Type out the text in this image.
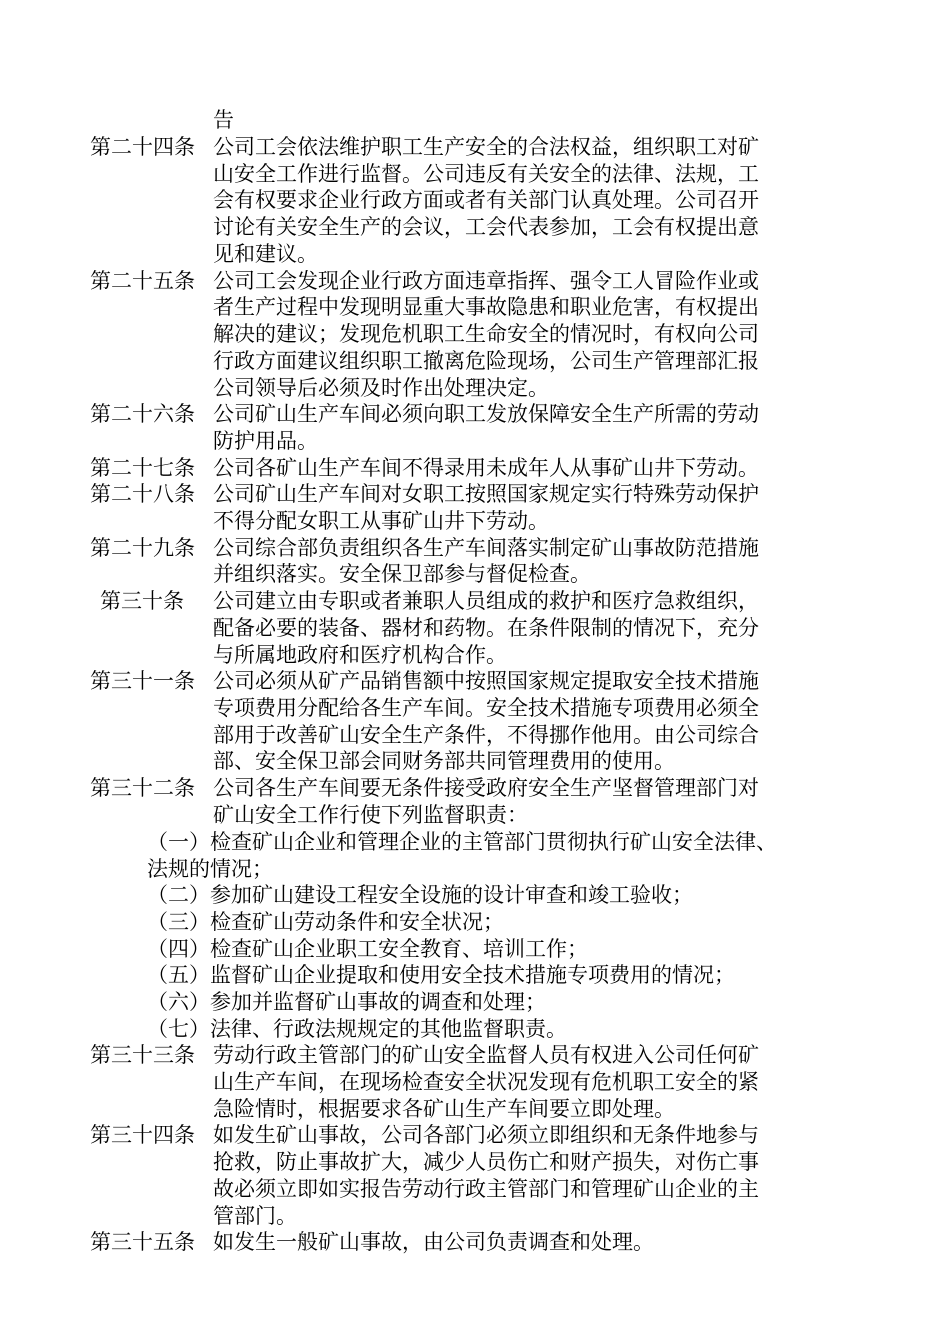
告
公司工会依法维护职工生产安全的合法权益，组织职工对矿
山安全工作进行监督。公司违反有关安全的法律、法规，工
会有权要求企业行政方面或者有关部门认真处理。公司召开
讨论有关安全生产的会议，工会代表参加，工会有权提出意
见和建议。
公司工会发现企业行政方面违章指挥、强令工人冒险作业或
者生产过程中发现明显重大事故隐患和职业危害，有权提出
解决的建议；发现危机职工生命安全的情况时，有权向公司
行政方面建议组织职工撤离危险现场，公司生产管理部汇报
公司领导后必须及时作出处理决定。
公司矿山生产车间必须向职工发放保障安全生产所需的劳动
防护用品。
公司各矿山生产车间不得录用未成年人从事矿山井下劳动。
公司矿山生产车间对女职工按照国家规定实行特殊劳动保护
不得分配女职工从事矿山井下劳动。
公司综合部负责组织各生产车间落实制定矿山事故防范措施
并组织落实。安全保卫部参与督促检查。
公司建立由专职或者兼职人员组成的救护和医疗急救组织，
配备必要的装备、器材和药物。在条件限制的情况下，充分
与所属地政府和医疗机构合作。
公司必须从矿产品销售额中按照国家规定提取安全技术措施
专项费用分配给各生产车间。安全技术措施专项费用必须全
部用于改善矿山安全生产条件，不得挪作他用。由公司综合
部、安全保卫部会同财务部共同管理费用的使用。
公司各生产车间要无条件接受政府安全生产坚督管理部门对
矿山安全工作行使下列监督职责：
（一）检查矿山企业和管理企业的主管部门贯彻执行矿山安全法律、
法规的情况；
（二）参加矿山建设工程安全设施的设计审查和竣工验收；
（三）检查矿山劳动条件和安全状况；
（四）检查矿山企业职工安全教育、培训工作；
（五）监督矿山企业提取和使用安全技术措施专项费用的情况；
（六）参加并监督矿山事故的调查和处理；
（七）法律、行政法规规定的其他监督职责。
劳动行政主管部门的矿山安全监督人员有权进入公司任何矿
山生产车间，在现场检查安全状况发现有危机职工安全的紧
急险情时，根据要求各矿山生产车间要立即处理。
如发生矿山事故，公司各部门必须立即组织和无条件地参与
抢救，防止事故扩大，减少人员伤亡和财产损失，对伤亡事
故必须立即如实报告劳动行政主管部门和管理矿山企业的主
管部门。
如发生一般矿山事故，由公司负责调查和处理。
第二十四条
第二十五条
第二十六条
第二十七条
第二十八条
第二十九条
第三十条
第三十一条
第三十二条
第三十三条
第三十四条
第三十五条
